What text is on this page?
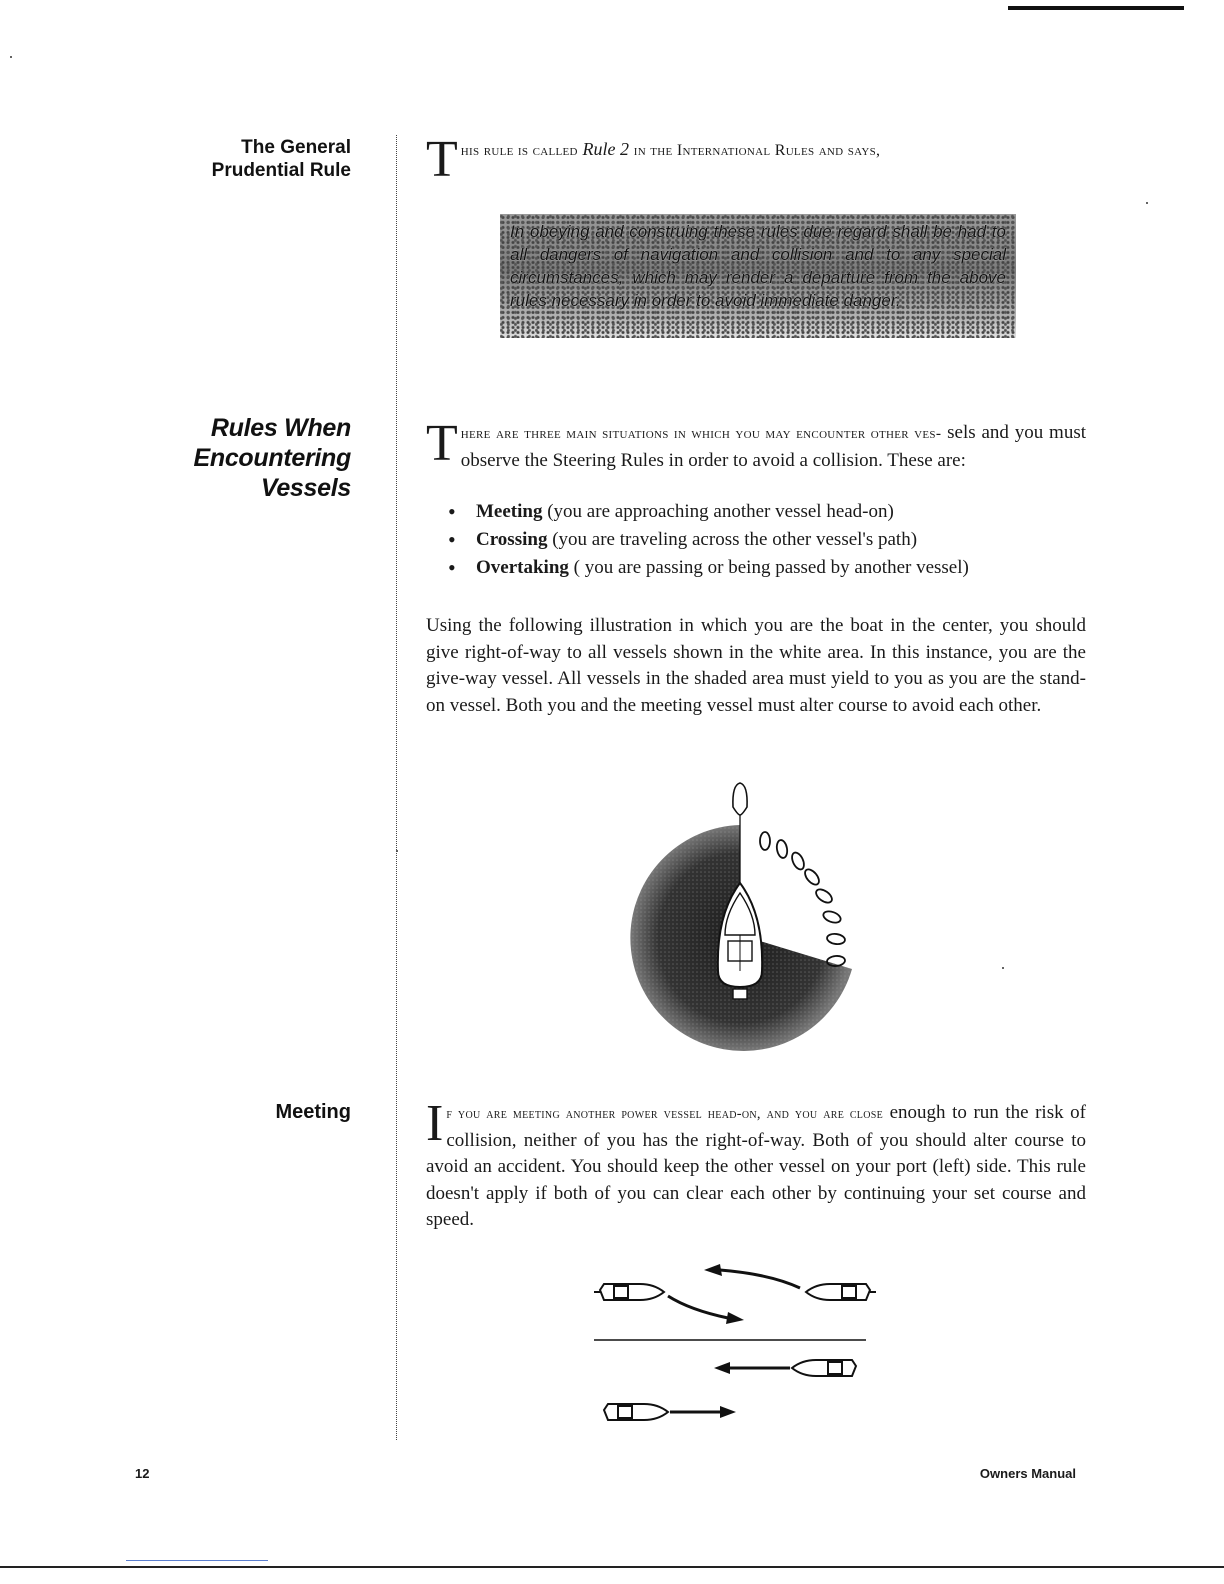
The General
Prudential Rule
Rules When
Encountering
Vessels
Meeting
T his rule is called Rule 2 in the International Rules and says,
In obeying and construing these rules due regard shall be had to all dangers of navigation and collision and to any special circumstances, which may render a departure from the above rules necessary in order to avoid immediate danger.
T here are three main situations in which you may encounter other ves- sels and you must observe the Steering Rules in order to avoid a collision. These are:
• Meeting (you are approaching another vessel head-on)
• Crossing (you are traveling across the other vessel's path)
• Overtaking ( you are passing or being passed by another vessel)
Using the following illustration in which you are the boat in the center, you should give right-of-way to all vessels shown in the white area. In this instance, you are the give-way vessel. All vessels in the shaded area must yield to you as you are the stand-on vessel. Both you and the meeting vessel must alter course to avoid each other.
I f you are meeting another power vessel head-on, and you are close enough to run the risk of collision, neither of you has the right-of-way. Both of you should alter course to avoid an accident. You should keep the other vessel on your port (left) side. This rule doesn't apply if both of you can clear each other by continuing your set course and speed.
12	Owners Manual
